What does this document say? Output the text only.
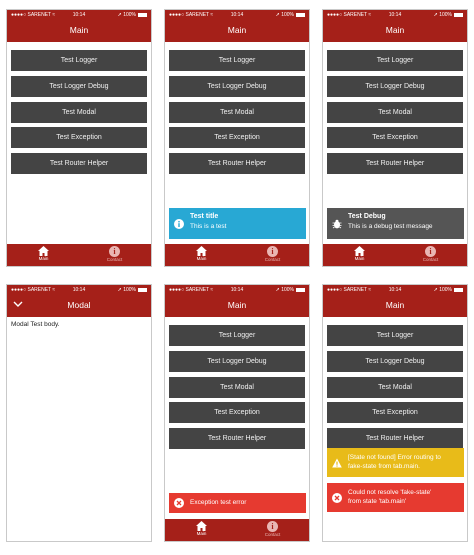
●●●●○ SARENET ≈	10:14	➚ 100%
Main
Test Logger
Test Logger Debug
Test Modal
Test Exception
Test Router Helper
Main
i
Contact
●●●●○ SARENET ≈	10:14	➚ 100%
Main
Test Logger
Test Logger Debug
Test Modal
Test Exception
Test Router Helper
Test title
This is a test
Main
i
Contact
●●●●○ SARENET ≈	10:14	➚ 100%
Main
Test Logger
Test Logger Debug
Test Modal
Test Exception
Test Router Helper
Test Debug
This is a debug test message
Main
i
Contact
●●●●○ SARENET ≈	10:14	➚ 100%
Modal
Modal Test body.
●●●●○ SARENET ≈	10:14	➚ 100%
Main
Test Logger
Test Logger Debug
Test Modal
Test Exception
Test Router Helper
Exception test error
Main
i
Contact
●●●●○ SARENET ≈	10:14	➚ 100%
Main
Test Logger
Test Logger Debug
Test Modal
Test Exception
Test Router Helper
[State not found] Error routing to
fake-state from tab.main.
Could not resolve 'fake-state'
from state 'tab.main'
